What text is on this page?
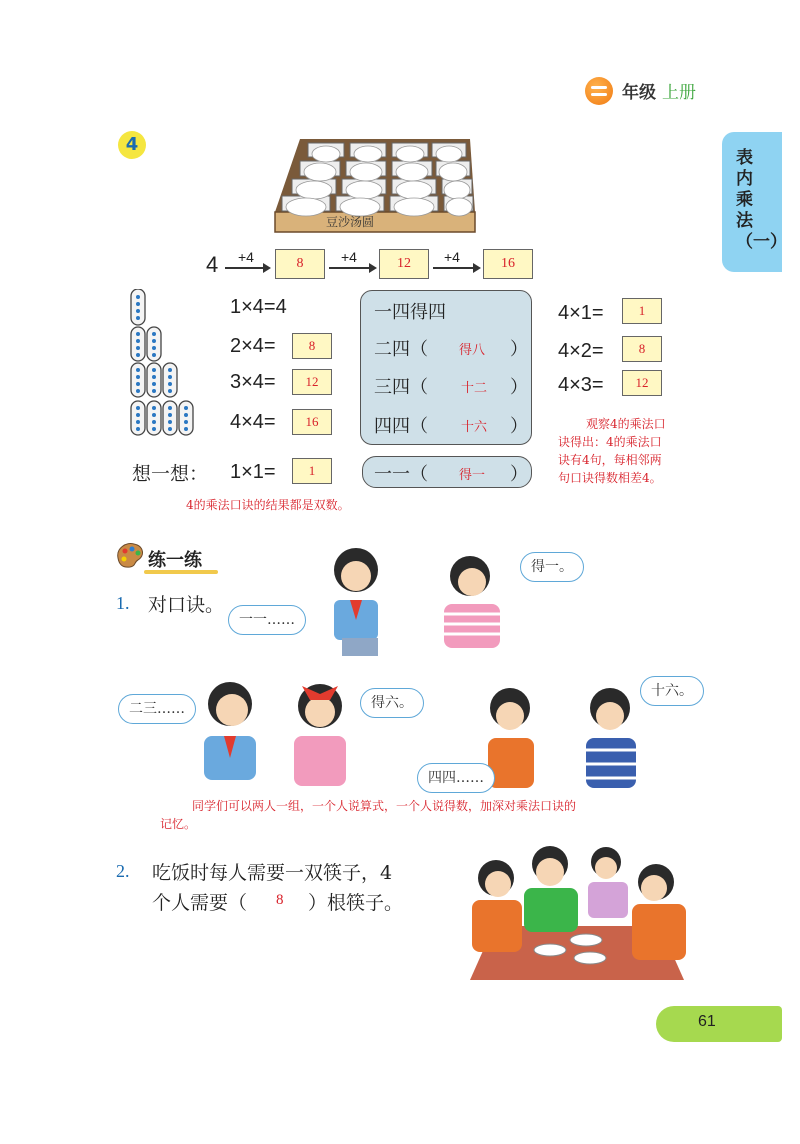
年级 上册
表内乘法（一）
4
豆沙汤圆
4 +4	8	+4	12	+4	16
1×4=4
2×4=	8
3×4=	12
4×4=	16
一四得四
二四（ 得八 ）
三四（	十二 ）
四四（	十六 ）
4×1=	1
4×2=	8
4×3=	12
观察4的乘法口
诀得出：4的乘法口
诀有4句，每相邻两
句口诀得数相差4。
想一想： 1×1=	1	一一（ 得一 ）
4的乘法口诀的结果都是双数。
练一练
1. 对口诀。
一一……
得一。
二三……	得六。
四四……
十六。
同学们可以两人一组，一个人说算式，一个人说得数，加深对乘法口诀的
记忆。
2. 吃饭时每人需要一双筷子，4
个人需要（ 8 ）根筷子。
61
